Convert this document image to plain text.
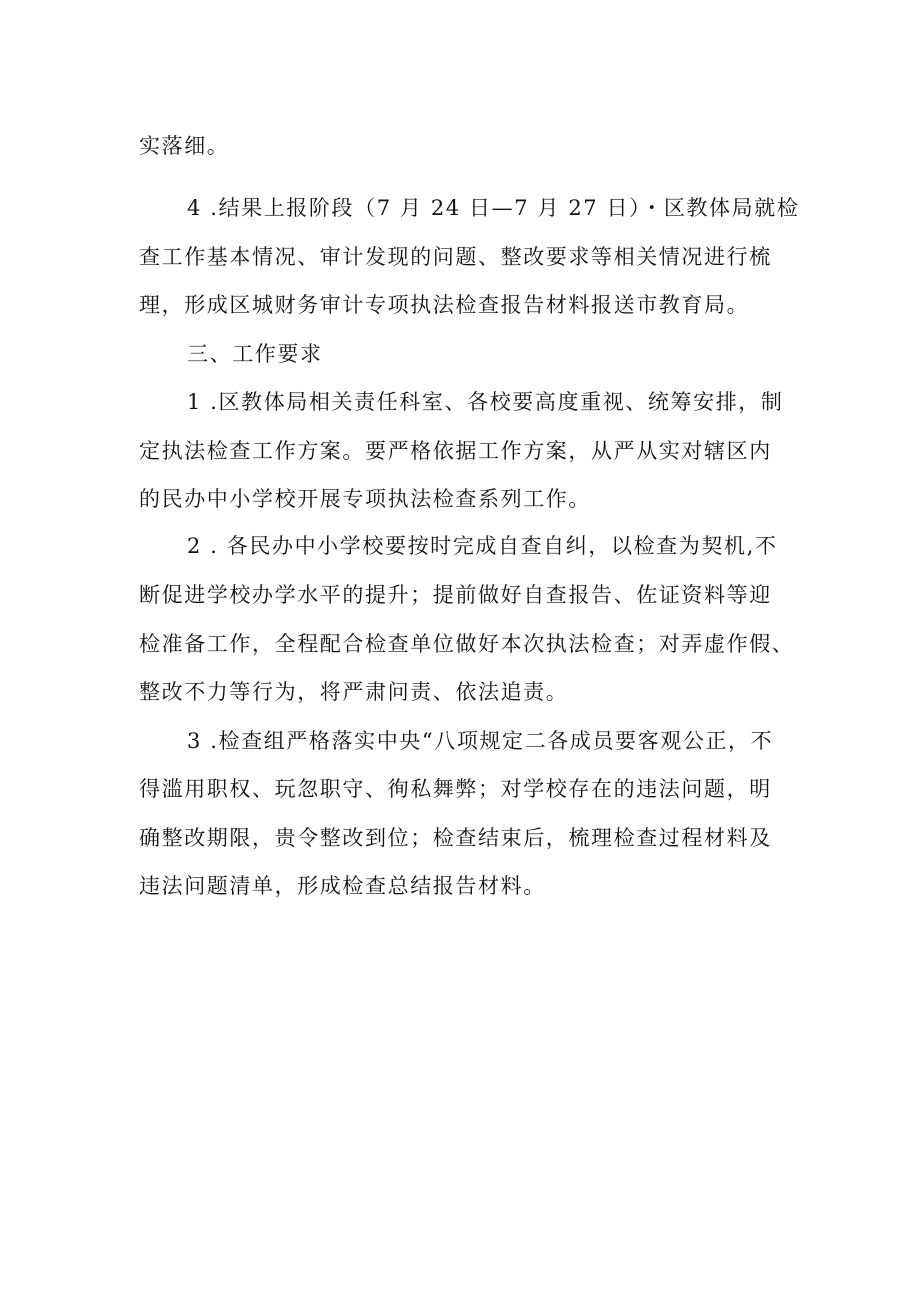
实落细。
4 .结果上报阶段（7 月 24 日—7 月 27 日）・区教体局就检
查工作基本情况、审计发现的问题、整改要求等相关情况进行梳
理，形成区城财务审计专项执法检查报告材料报送市教育局。
三、工作要求
1 .区教体局相关责任科室、各校要高度重视、统筹安排，制
定执法检查工作方案。要严格依据工作方案，从严从实对辖区内
的民办中小学校开展专项执法检查系列工作。
2 . 各民办中小学校要按时完成自查自纠，以检查为契机,不
断促进学校办学水平的提升；提前做好自查报告、佐证资料等迎
检准备工作，全程配合检查单位做好本次执法检查；对弄虚作假、
整改不力等行为，将严肃问责、依法追责。
3 .检查组严格落实中央“八项规定二各成员要客观公正，不
得滥用职权、玩忽职守、徇私舞弊；对学校存在的违法问题，明
确整改期限，贵令整改到位；检查结束后，梳理检查过程材料及
违法问题清单，形成检查总结报告材料。
